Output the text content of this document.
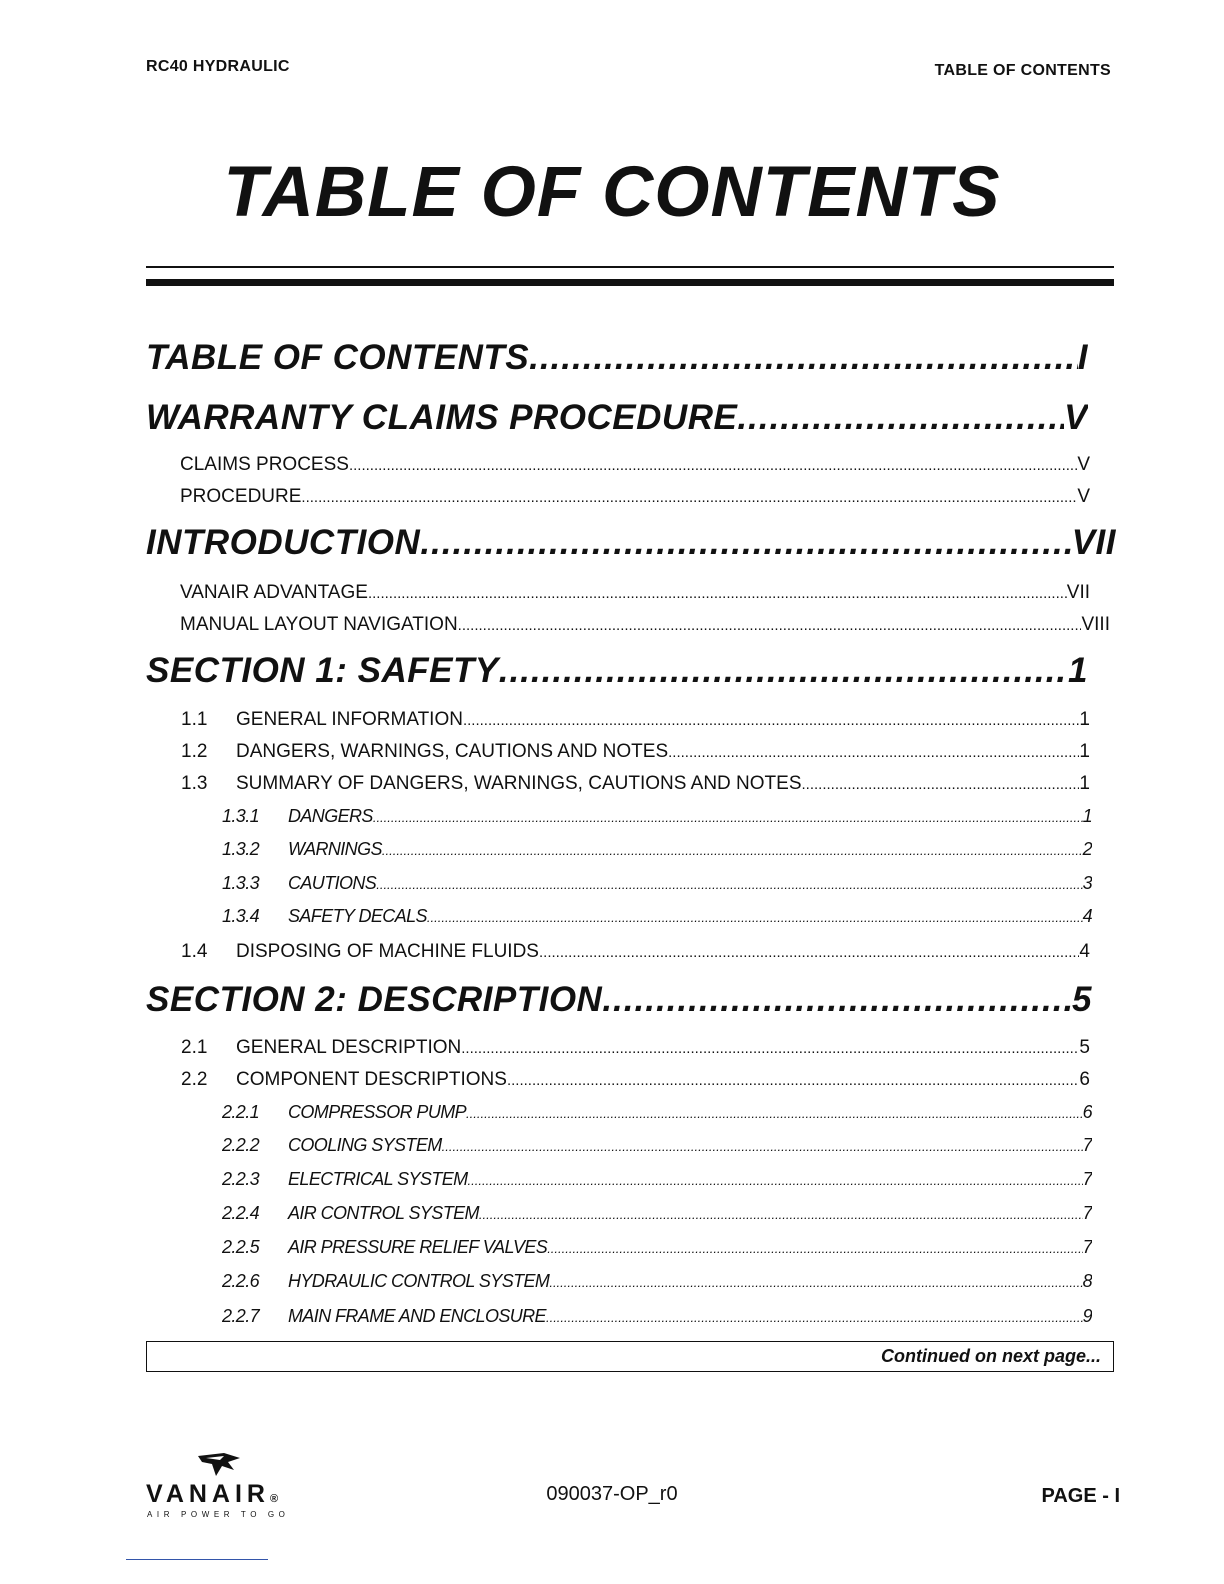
RC40 HYDRAULIC	TABLE OF CONTENTS
TABLE OF CONTENTS
TABLE OF CONTENTS .....	I
WARRANTY CLAIMS PROCEDURE .....	V
CLAIMS PROCESS .....	V
PROCEDURE .....	V
INTRODUCTION .....	VII
VANAIR ADVANTAGE .....	VII
MANUAL LAYOUT NAVIGATION .....	VIII
SECTION 1: SAFETY .....	1
1.1	GENERAL INFORMATION .....	1
1.2	DANGERS, WARNINGS, CAUTIONS AND NOTES .....	1
1.3	SUMMARY OF DANGERS, WARNINGS, CAUTIONS AND NOTES .....	1
1.3.1	DANGERS .....	1
1.3.2	WARNINGS .....	2
1.3.3	CAUTIONS .....	3
1.3.4	SAFETY DECALS .....	4
1.4	DISPOSING OF MACHINE FLUIDS .....	4
SECTION 2: DESCRIPTION .....	5
2.1	GENERAL DESCRIPTION .....	5
2.2	COMPONENT DESCRIPTIONS .....	6
2.2.1	COMPRESSOR PUMP .....	6
2.2.2	COOLING SYSTEM .....	7
2.2.3	ELECTRICAL SYSTEM .....	7
2.2.4	AIR CONTROL SYSTEM .....	7
2.2.5	AIR PRESSURE RELIEF VALVES .....	7
2.2.6	HYDRAULIC CONTROL SYSTEM .....	8
2.2.7	MAIN FRAME AND ENCLOSURE .....	9
Continued on next page...
VANAIR®
AIR POWER TO GO
090037-OP_r0	PAGE - I
